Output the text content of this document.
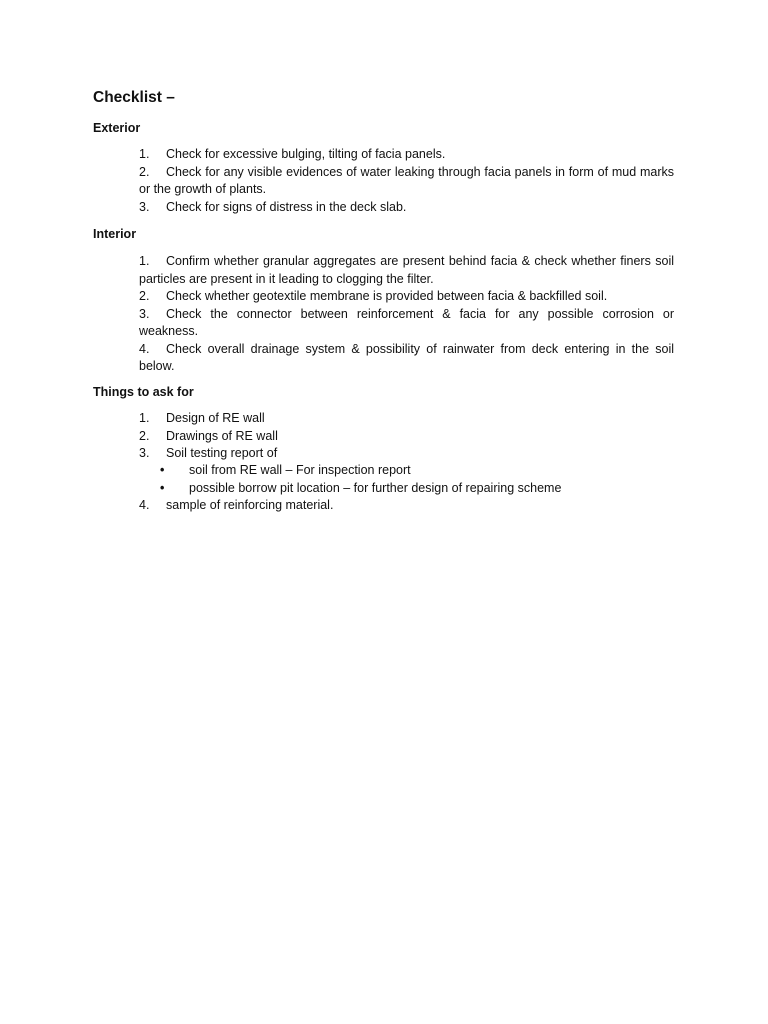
Checklist –
Exterior
1. Check for excessive bulging, tilting of facia panels.
2. Check for any visible evidences of water leaking through facia panels in form of mud marks or the growth of plants.
3. Check for signs of distress in the deck slab.
Interior
1. Confirm whether granular aggregates are present behind facia & check whether finers soil particles are present in it leading to clogging the filter.
2. Check whether geotextile membrane is provided between facia & backfilled soil.
3. Check the connector between reinforcement & facia for any possible corrosion or weakness.
4. Check overall drainage system & possibility of rainwater from deck entering in the soil below.
Things to ask for
1. Design of RE wall
2. Drawings of RE wall
3. Soil testing report of
• soil from RE wall – For inspection report
• possible borrow pit location – for further design of repairing scheme
4. sample of reinforcing material.
